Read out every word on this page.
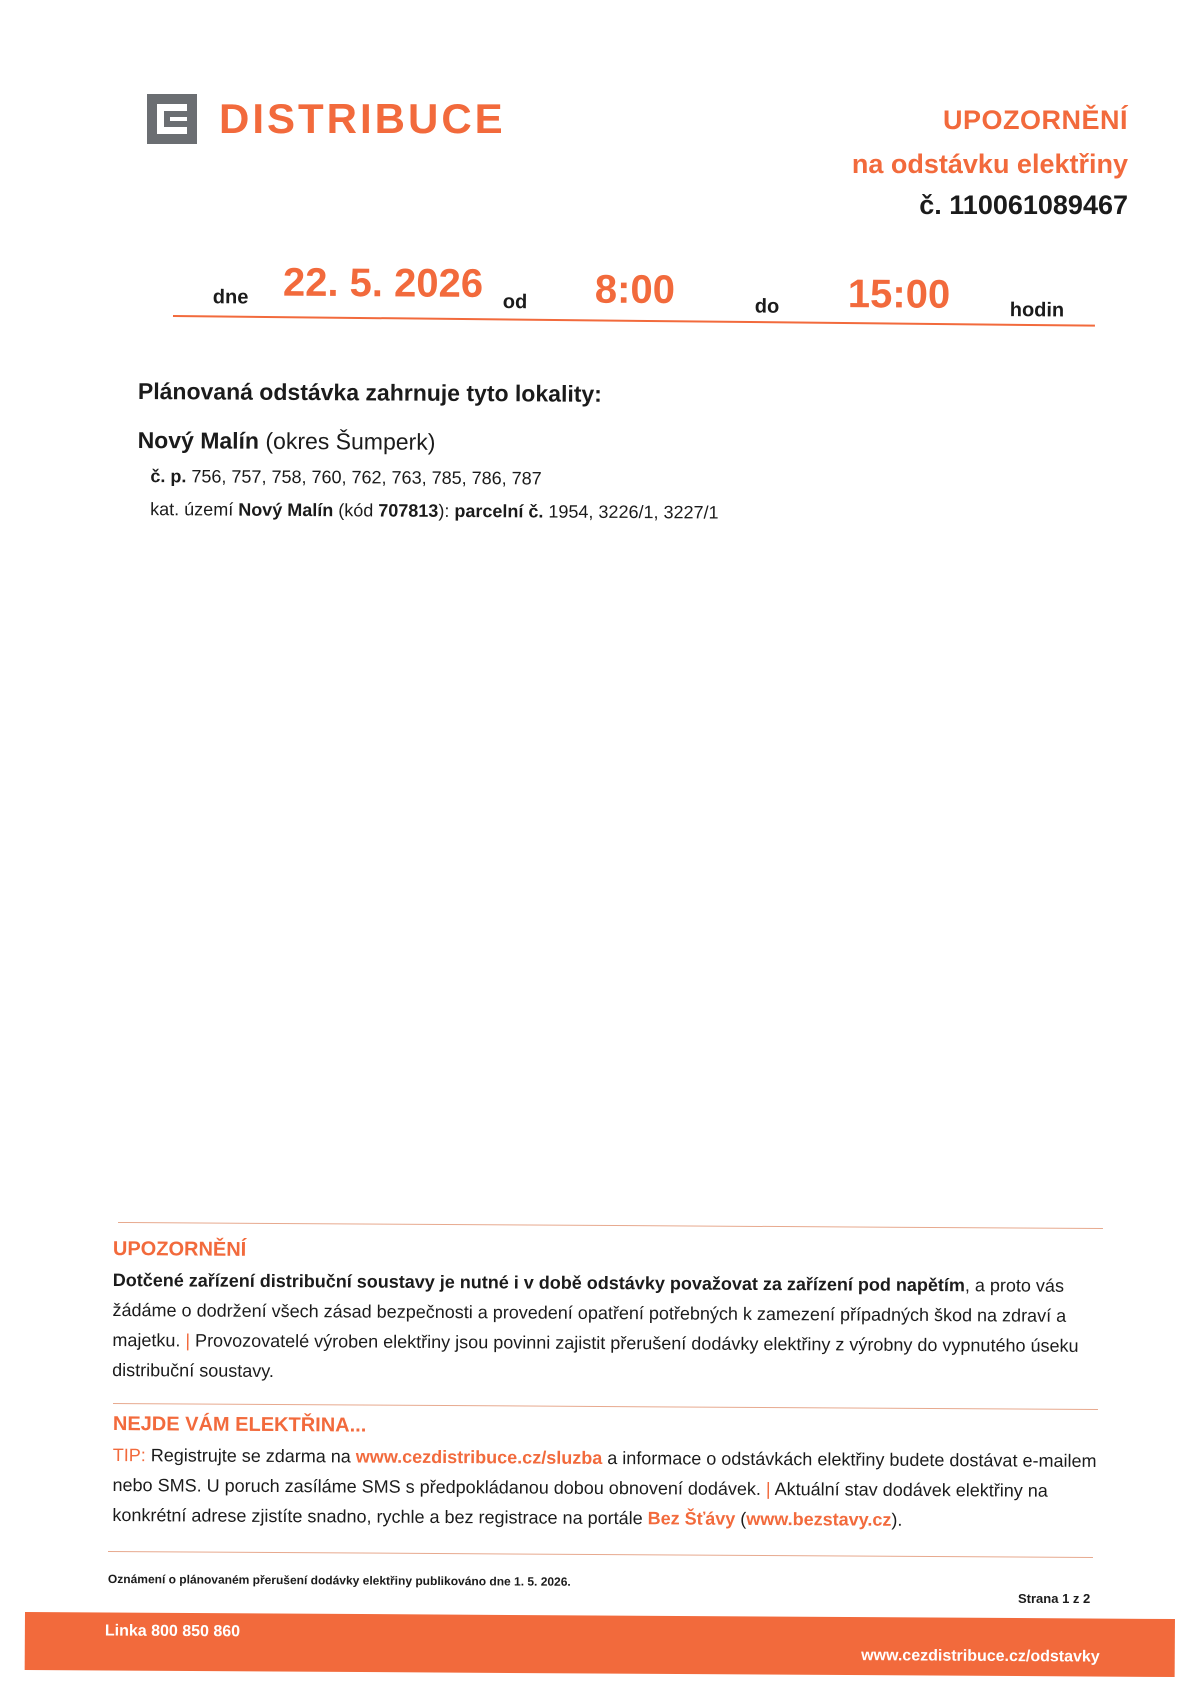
DISTRIBUCE	UPOZORNĚNÍ
na odstávku elektřiny
č. 110061089467
dne 22. 5. 2026 od 8:00	do 15:00	hodin
Plánovaná odstávka zahrnuje tyto lokality:
Nový Malín (okres Šumperk)
č. p. 756, 757, 758, 760, 762, 763, 785, 786, 787
kat. území Nový Malín (kód 707813): parcelní č. 1954, 3226/1, 3227/1
UPOZORNĚNÍ

Dotčené zařízení distribuční soustavy je nutné i v době odstávky považovat za zařízení pod napětím, a proto vás žádáme o dodržení všech zásad bezpečnosti a provedení opatření potřebných k zamezení případných škod na zdraví a majetku. | Provozovatelé výroben elektřiny jsou povinni zajistit přerušení dodávky elektřiny z výrobny do vypnutého úseku distribuční soustavy.

NEJDE VÁM ELEKTŘINA...

TIP: Registrujte se zdarma na www.cezdistribuce.cz/sluzba a informace o odstávkách elektřiny budete dostávat e-mailem nebo SMS. U poruch zasíláme SMS s předpokládanou dobou obnovení dodávek. | Aktuální stav dodávek elektřiny na konkrétní adrese zjistíte snadno, rychle a bez registrace na portále Bez Šťávy (www.bezstavy.cz).

Oznámení o plánovaném přerušení dodávky elektřiny publikováno dne 1. 5. 2026.
Strana 1 z 2
Linka 800 850 860
www.cezdistribuce.cz/odstavky
